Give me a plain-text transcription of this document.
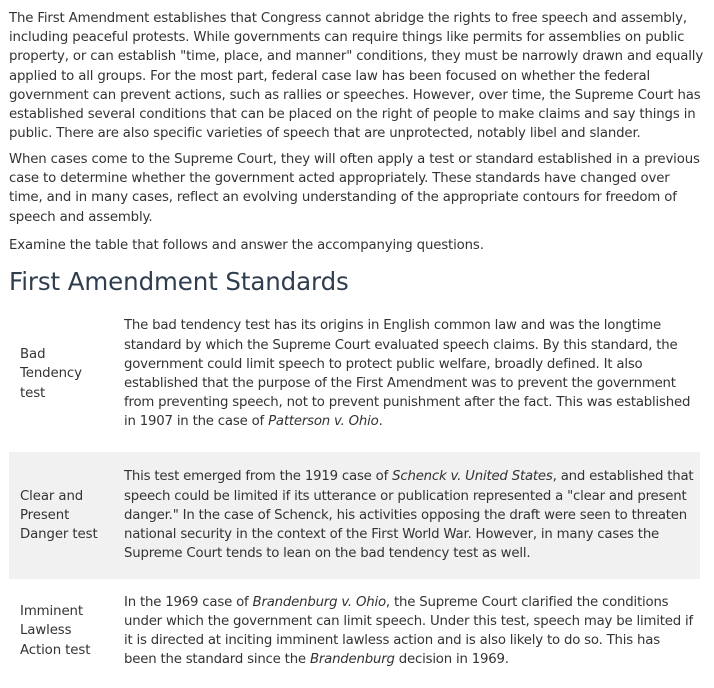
The First Amendment establishes that Congress cannot abridge the rights to free speech and assembly, including peaceful protests. While governments can require things like permits for assemblies on public property, or can establish "time, place, and manner" conditions, they must be narrowly drawn and equally applied to all groups. For the most part, federal case law has been focused on whether the federal government can prevent actions, such as rallies or speeches. However, over time, the Supreme Court has established several conditions that can be placed on the right of people to make claims and say things in public. There are also specific varieties of speech that are unprotected, notably libel and slander.

When cases come to the Supreme Court, they will often apply a test or standard established in a previous case to determine whether the government acted appropriately. These standards have changed over time, and in many cases, reflect an evolving understanding of the appropriate contours for freedom of speech and assembly.

Examine the table that follows and answer the accompanying questions.

First Amendment Standards
Bad Tendency test
The bad tendency test has its origins in English common law and was the longtime standard by which the Supreme Court evaluated speech claims. By this standard, the government could limit speech to protect public welfare, broadly defined. It also established that the purpose of the First Amendment was to prevent the government from preventing speech, not to prevent punishment after the fact. This was established in 1907 in the case of Patterson v. Ohio.
Clear and Present Danger test
This test emerged from the 1919 case of Schenck v. United States, and established that speech could be limited if its utterance or publication represented a "clear and present danger." In the case of Schenck, his activities opposing the draft were seen to threaten national security in the context of the First World War. However, in many cases the Supreme Court tends to lean on the bad tendency test as well.
Imminent Lawless Action test
In the 1969 case of Brandenburg v. Ohio, the Supreme Court clarified the conditions under which the government can limit speech. Under this test, speech may be limited if it is directed at inciting imminent lawless action and is also likely to do so. This has been the standard since the Brandenburg decision in 1969.
